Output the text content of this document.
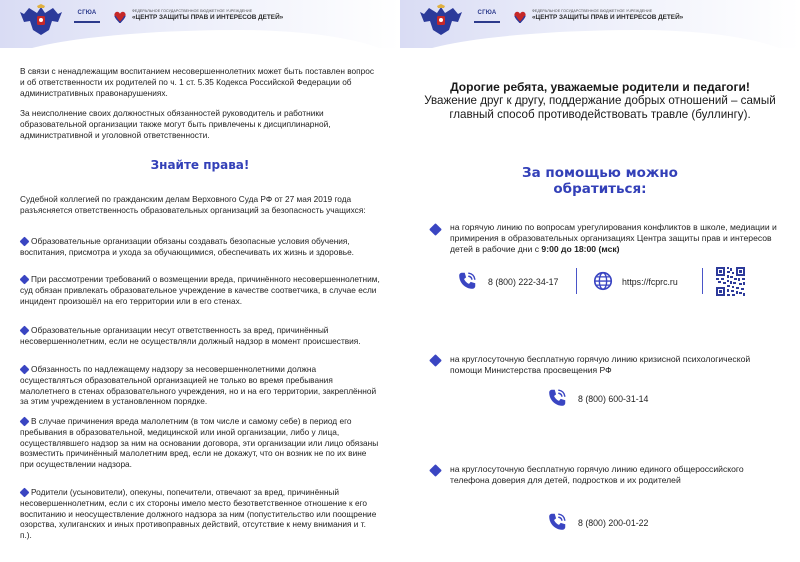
СГЮА	ФЕДЕРАЛЬНОЕ ГОСУДАРСТВЕННОЕ БЮДЖЕТНОЕ УЧРЕЖДЕНИЕ
«ЦЕНТР ЗАЩИТЫ ПРАВ И ИНТЕРЕСОВ ДЕТЕЙ»
В связи с ненадлежащим воспитанием несовершеннолетних может быть поставлен вопрос и об ответственности их родителей по ч. 1 ст. 5.35 Кодекса Российской Федерации об административных правонарушениях.
За неисполнение своих должностных обязанностей руководитель и работники образовательной организации также могут быть привлечены к дисциплинарной, административной и уголовной ответственности.
Знайте права!
Судебной коллегией по гражданским делам Верховного Суда РФ от 27 мая 2019 года разъясняется ответственность образовательных организаций за безопасность учащихся:
Образовательные организации обязаны создавать безопасные условия обучения, воспитания, присмотра и ухода за обучающимися, обеспечивать их жизнь и здоровье.
При рассмотрении требований о возмещении вреда, причинённого несовершеннолетним, суд обязан привлекать образовательное учреждение в качестве соответчика, в случае если инцидент произошёл на его территории или в его стенах.
Образовательные организации несут ответственность за вред, причинённый несовершеннолетним, если не осуществляли должный надзор в момент происшествия.
Обязанность по надлежащему надзору за несовершеннолетними должна осуществляться образовательной организацией не только во время пребывания малолетнего в стенах образовательного учреждения, но и на его территории, закреплённой за этим учреждением в установленном порядке.
В случае причинения вреда малолетним (в том числе и самому себе) в период его пребывания в образовательной, медицинской или иной организации, либо у лица, осуществлявшего надзор за ним на основании договора, эти организации или лицо обязаны возместить причинённый малолетним вред, если не докажут, что он возник не по их вине при осуществлении надзора.
Родители (усыновители), опекуны, попечители, отвечают за вред, причинённый несовершеннолетним, если с их стороны имело место безответственное отношение к его воспитанию и неосуществление должного надзора за ним (попустительство или поощрение озорства, хулиганских и иных противоправных действий, отсутствие к нему внимания и т. п.).
СГЮА	ФЕДЕРАЛЬНОЕ ГОСУДАРСТВЕННОЕ БЮДЖЕТНОЕ УЧРЕЖДЕНИЕ
«ЦЕНТР ЗАЩИТЫ ПРАВ И ИНТЕРЕСОВ ДЕТЕЙ»
Дорогие ребята, уважаемые родители и педагоги!
Уважение друг к другу, поддержание добрых отношений – самый главный способ противодействовать травле (буллингу).
За помощью можно
обратиться:
на горячую линию по вопросам урегулирования конфликтов в школе, медиации и примирения в образовательных организациях Центра защиты прав и интересов детей в рабочие дни с 9:00 до 18:00 (мск)
8 (800) 222-34-17	https://fcprc.ru
на круглосуточную бесплатную горячую линию кризисной психологической помощи Министерства просвещения РФ
8 (800) 600-31-14
на круглосуточную бесплатную горячую линию единого общероссийского телефона доверия для детей, подростков и их родителей
8 (800) 200-01-22
